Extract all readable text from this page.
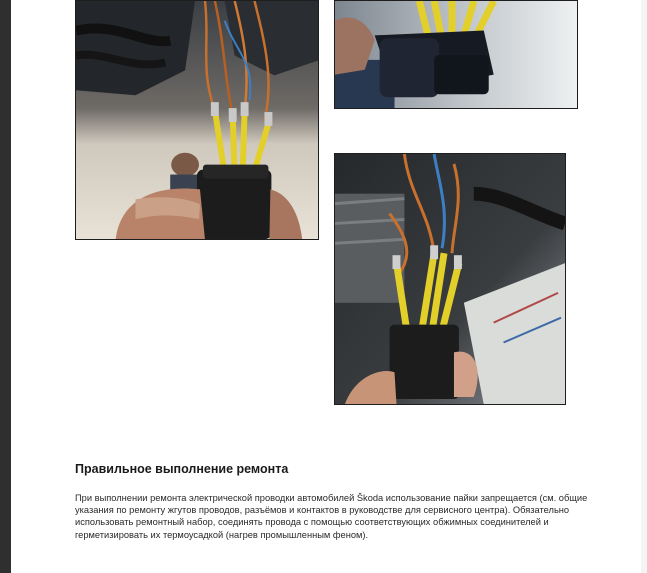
Правильное выполнение ремонта

При выполнении ремонта электрической проводки автомобилей Škoda использование пайки запрещается (см. общие указания по ремонту жгутов проводов, разъёмов и контактов в руководстве для сервисного центра). Обязательно использовать ремонтный набор, соединять провода с помощью соответствующих обжимных соединителей и герметизировать их термоусадкой (нагрев промышленным феном).
